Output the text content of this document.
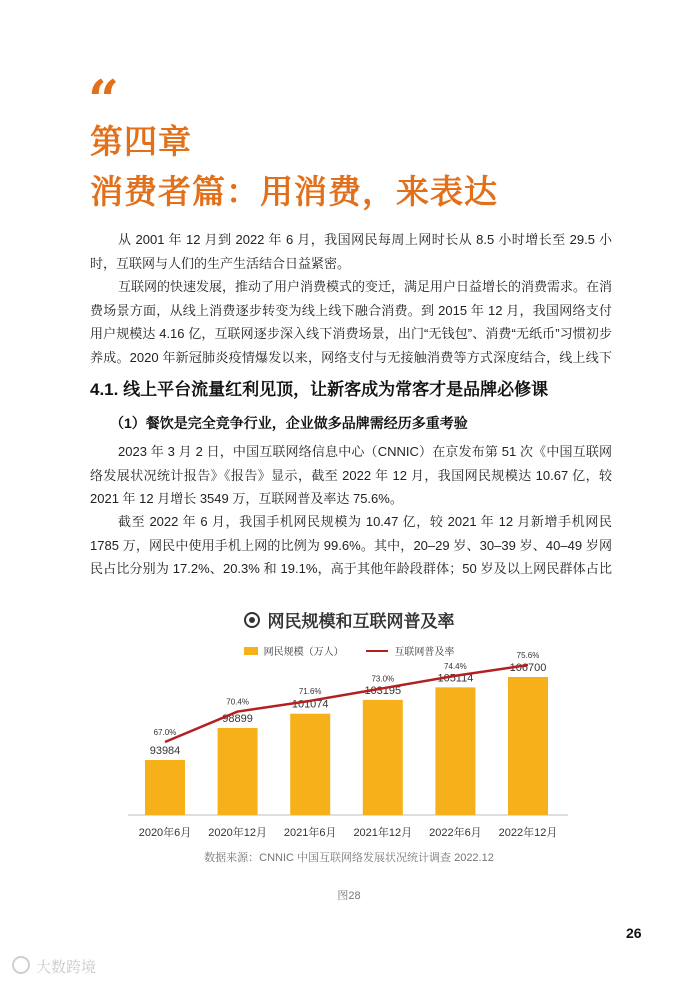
“
第四章
消费者篇：用消费，来表达
从 2001 年 12 月到 2022 年 6 月，我国网民每周上网时长从 8.5 小时增长至 29.5 小时，互联网与人们的生产生活结合日益紧密。
互联网的快速发展，推动了用户消费模式的变迁，满足用户日益增长的消费需求。在消费场景方面，从线上消费逐步转变为线上线下融合消费。到 2015 年 12 月，我国网络支付用户规模达 4.16 亿，互联网逐步深入线下消费场景，出门“无钱包”、消费“无纸币”习惯初步养成。2020 年新冠肺炎疫情爆发以来，网络支付与无接触消费等方式深度结合，线上线下
4.1. 线上平台流量红利见顶，让新客成为常客才是品牌必修课
（1）餐饮是完全竞争行业，企业做多品牌需经历多重考验
2023 年 3 月 2 日，中国互联网络信息中心（CNNIC）在京发布第 51 次《中国互联网络发展状况统计报告》《报告》显示，截至 2022 年 12 月，我国网民规模达 10.67 亿，较 2021 年 12 月增长 3549 万，互联网普及率达 75.6%。
截至 2022 年 6 月，我国手机网民规模为 10.47 亿，较 2021 年 12 月新增手机网民 1785 万，网民中使用手机上网的比例为 99.6%。其中，20–29 岁、30–39 岁、40–49 岁网民占比分别为 17.2%、20.3% 和 19.1%，高于其他年龄段群体；50 岁及以上网民群体占比
网民规模和互联网普及率
网民规模（万人）	互联网普及率
93984
2020年6月
98899
2020年12月
101074
2021年6月
103195
2021年12月
105114
2022年6月
106700
2022年12月
67.0%
70.4%
71.6%
73.0%
74.4%
75.6%
数据来源：CNNIC 中国互联网络发展状况统计调查 2022.12
图28
26
大数跨境
